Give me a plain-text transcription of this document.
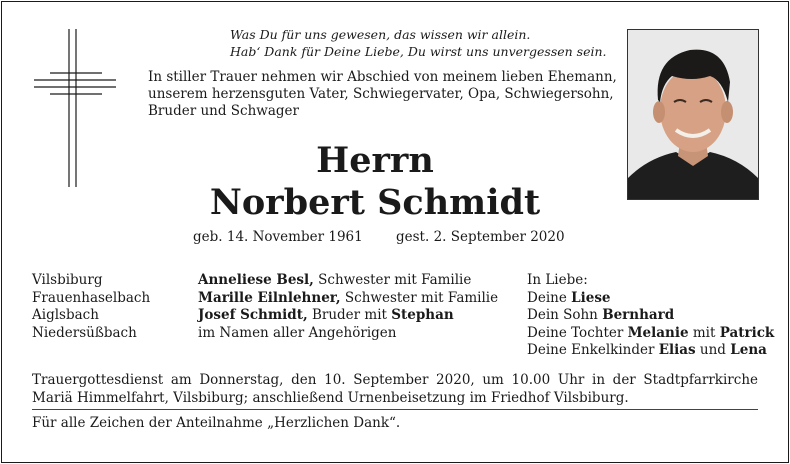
Was Du für uns gewesen, das wissen wir allein.
Hab‘ Dank für Deine Liebe, Du wirst uns unvergessen sein.
In stiller Trauer nehmen wir Abschied von meinem lieben Ehemann,
unserem herzensguten Vater, Schwiegervater, Opa, Schwiegersohn,
Bruder und Schwager
Herrn
Norbert Schmidt
geb. 14. November 1961 gest. 2. September 2020
Vilsbiburg
Frauenhaselbach
Aiglsbach
Niedersüßbach
Anneliese Besl, Schwester mit Familie
Marille Eilnlehner, Schwester mit Familie
Josef Schmidt, Bruder mit Stephan
im Namen aller Angehörigen
In Liebe:
Deine Liese
Dein Sohn Bernhard
Deine Tochter Melanie mit Patrick
Deine Enkelkinder Elias und Lena
Trauergottesdienst am Donnerstag, den 10. September 2020, um 10.00 Uhr in der Stadtpfarrkirche Mariä Himmelfahrt, Vilsbiburg; anschließend Urnenbeisetzung im Friedhof Vilsbiburg.
Für alle Zeichen der Anteilnahme „Herzlichen Dank“.
